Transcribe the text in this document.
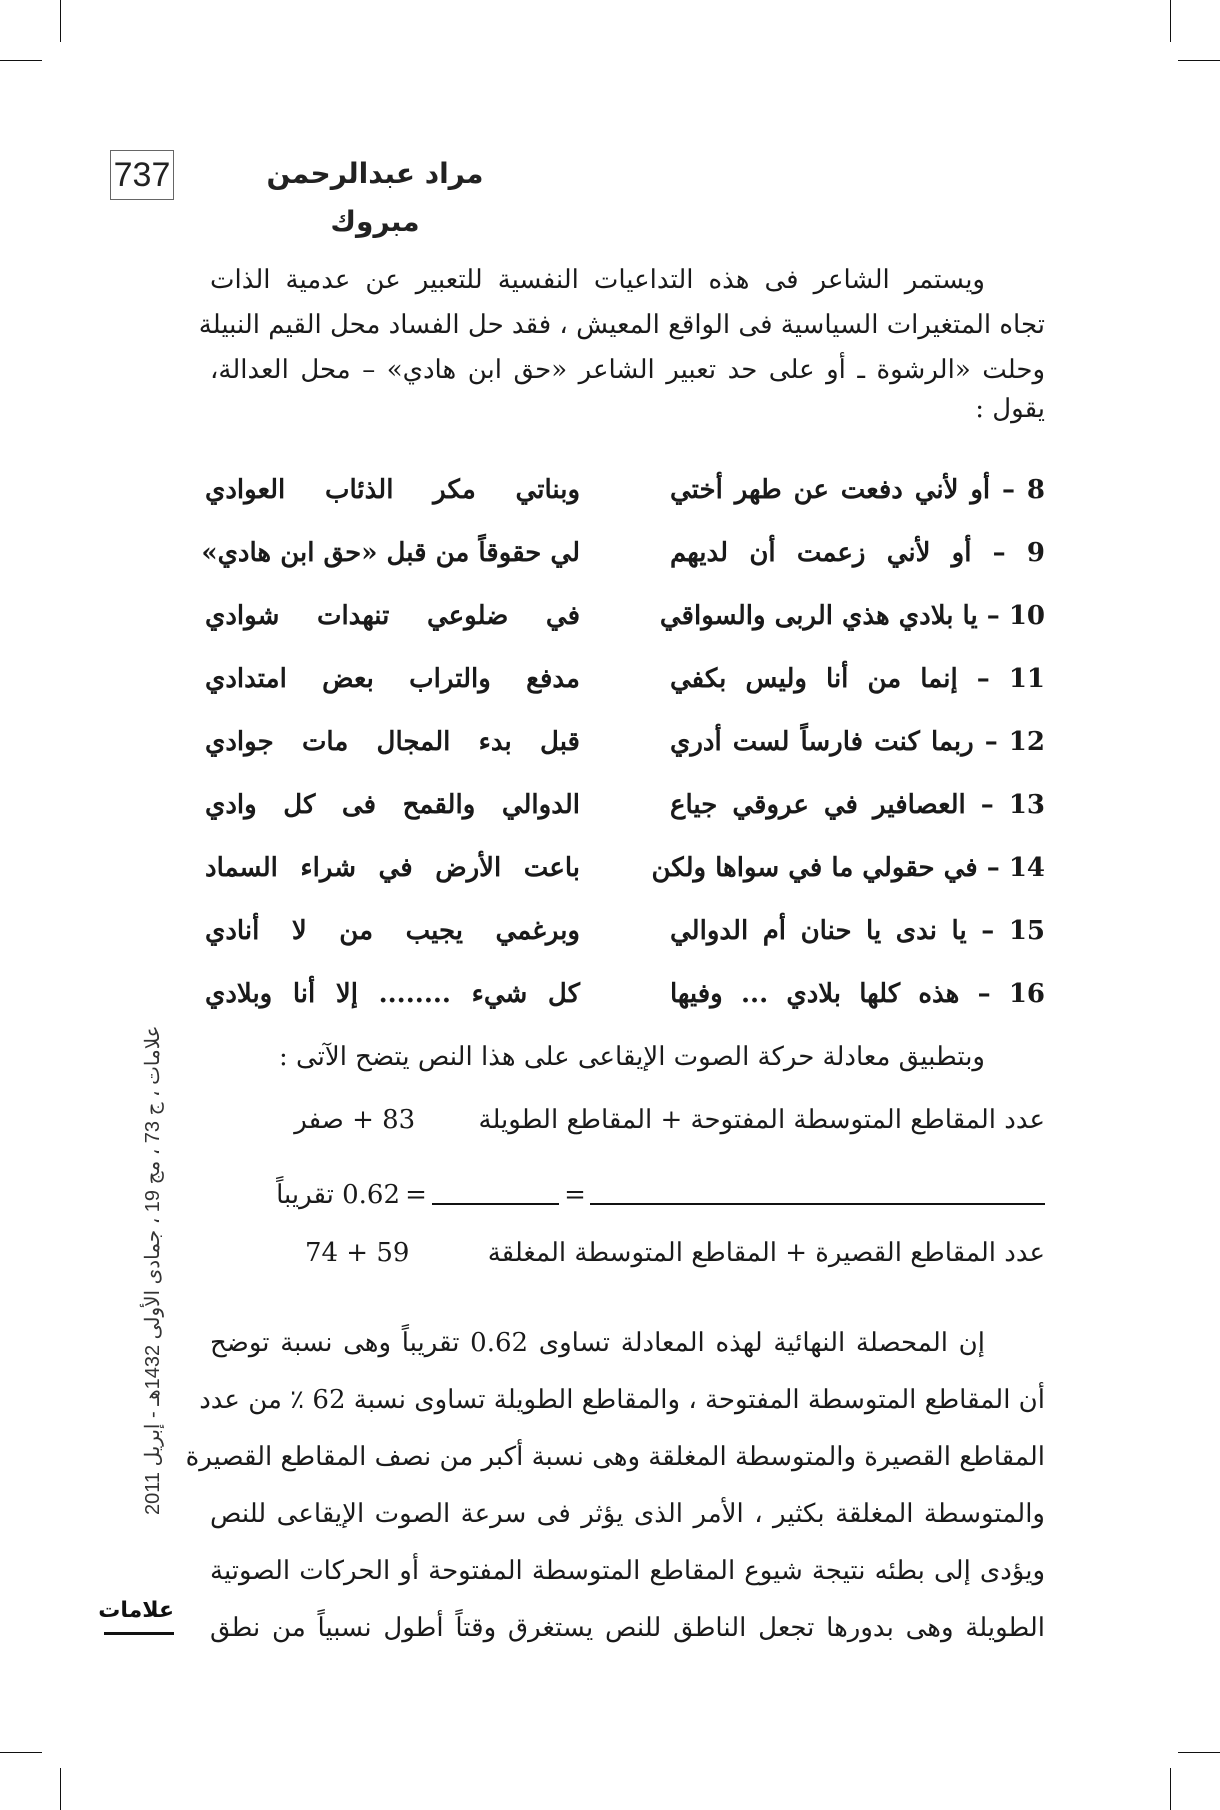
737	مراد عبدالرحمن مبروك
ويستمر الشاعر فى هذه التداعيات النفسية للتعبير عن عدمية الذات
تجاه المتغيرات السياسية فى الواقع المعيش ، فقد حل الفساد محل القيم النبيلة
وحلت «الرشوة ـ أو على حد تعبير الشاعر «حق ابن هادي» – محل العدالة،
يقول :
8 – أو لأني دفعت عن طهر أختي
وبناتي مكر الذئاب العوادي
9 – أو لأني زعمت أن لديهم
لي حقوقاً من قبل «حق ابن هادي»
10 – يا بلادي هذي الربى والسواقي
في ضلوعي تنهدات شوادي
11 – إنما من أنا وليس بكفي
مدفع والتراب بعض امتدادي
12 – ربما كنت فارساً لست أدري
قبل بدء المجال مات جوادي
13 – العصافير في عروقي جياع
الدوالي والقمح فى كل وادي
14 – في حقولي ما في سواها ولكن
باعت الأرض في شراء السماد
15 – يا ندى يا حنان أم الدوالي
وبرغمي يجيب من لا أنادي
16 – هذه كلها بلادي ... وفيها
كل شيء ........ إلا أنا وبلادي
وبتطبيق معادلة حركة الصوت الإيقاعى على هذا النص يتضح الآتى :
عدد المقاطع المتوسطة المفتوحة + المقاطع الطويلة 83 + صفر
=
=
0.62 تقريباً
عدد المقاطع القصيرة + المقاطع المتوسطة المغلقة 59 + 74
إن المحصلة النهائية لهذه المعادلة تساوى 0.62 تقريباً وهى نسبة توضح
أن المقاطع المتوسطة المفتوحة ، والمقاطع الطويلة تساوى نسبة 62 ٪ من عدد
المقاطع القصيرة والمتوسطة المغلقة وهى نسبة أكبر من نصف المقاطع القصيرة
والمتوسطة المغلقة بكثير ، الأمر الذى يؤثر فى سرعة الصوت الإيقاعى للنص
ويؤدى إلى بطئه نتيجة شيوع المقاطع المتوسطة المفتوحة أو الحركات الصوتية
الطويلة وهى بدورها تجعل الناطق للنص يستغرق وقتاً أطول نسبياً من نطق
علامات ، ج 73 ، مج 19 ، جمادى الأولى 1432هـ - إبريل 2011
علامات
